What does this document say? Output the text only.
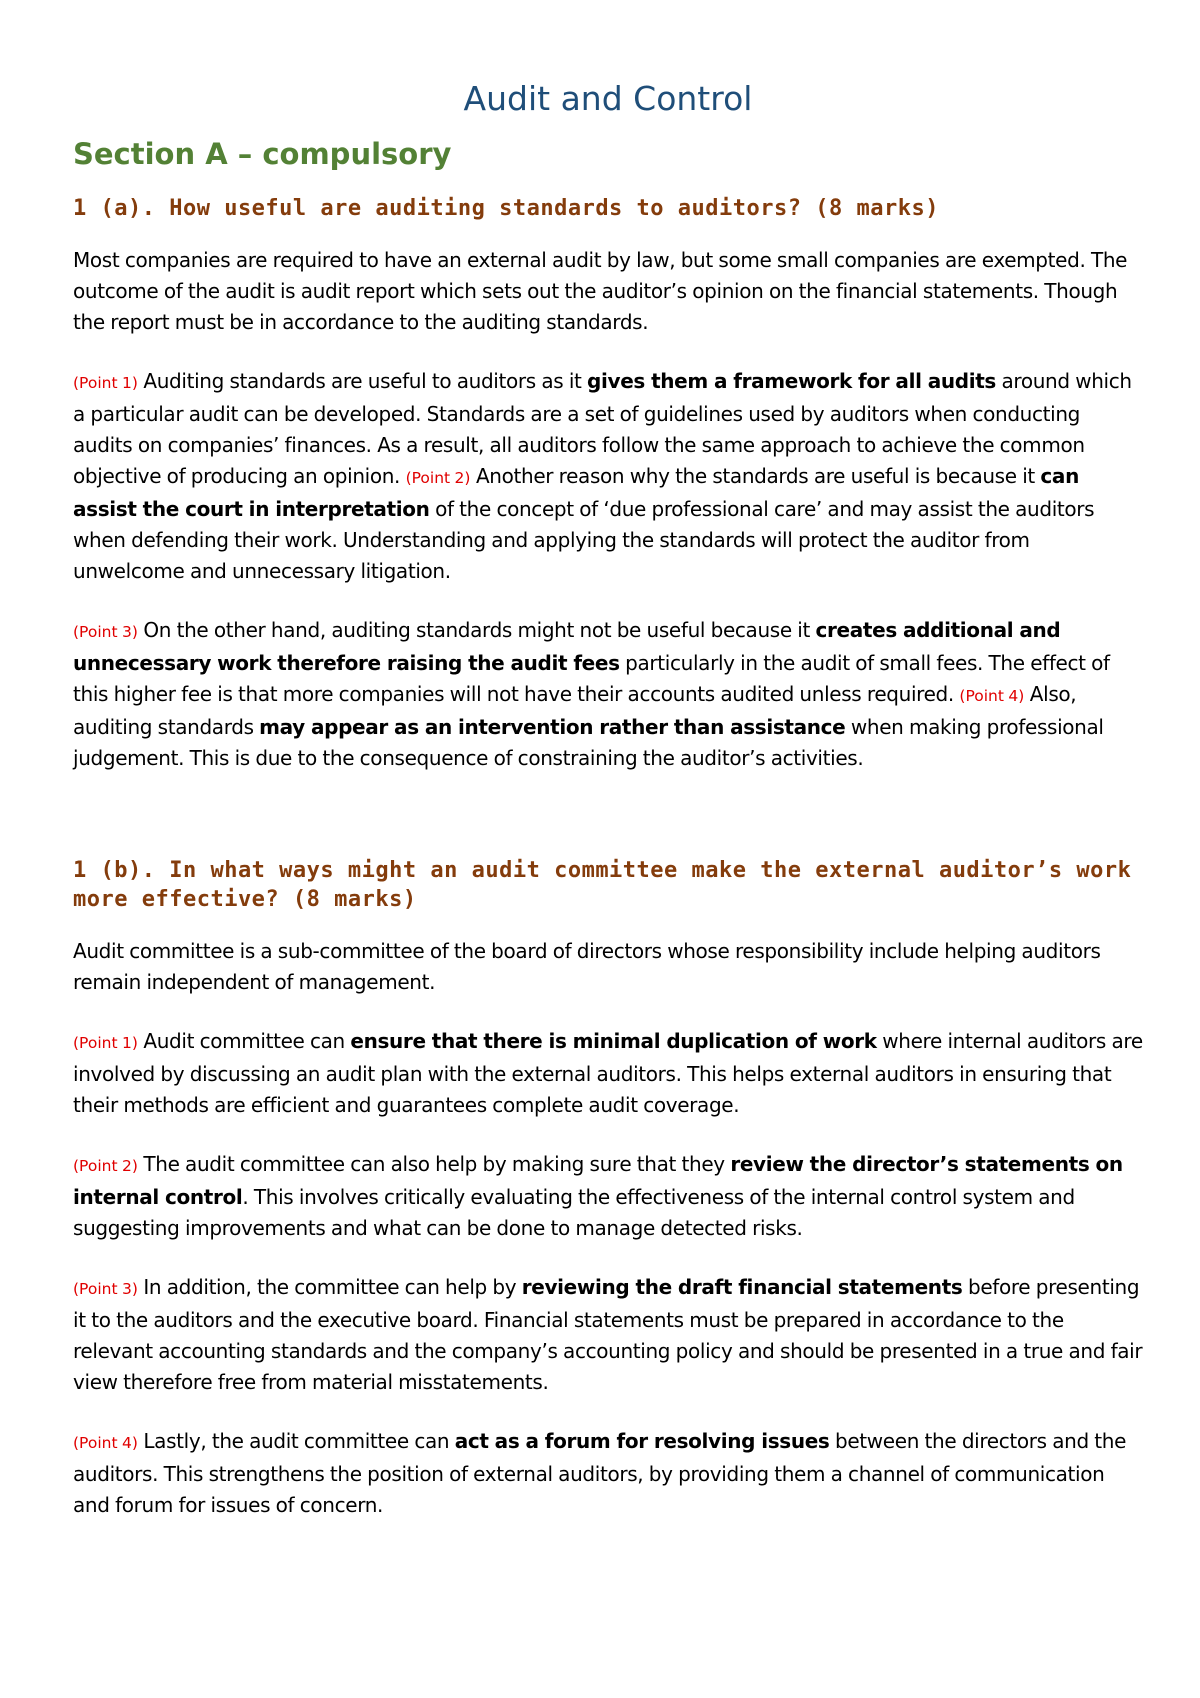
Audit and Control
Section A – compulsory
1 (a). How useful are auditing standards to auditors? (8 marks)

Most companies are required to have an external audit by law, but some small companies are exempted. The outcome of the audit is audit report which sets out the auditor’s opinion on the financial statements. Though the report must be in accordance to the auditing standards.

(Point 1) Auditing standards are useful to auditors as it gives them a framework for all audits around which a particular audit can be developed. Standards are a set of guidelines used by auditors when conducting audits on companies’ finances. As a result, all auditors follow the same approach to achieve the common objective of producing an opinion. (Point 2) Another reason why the standards are useful is because it can assist the court in interpretation of the concept of ‘due professional care’ and may assist the auditors when defending their work. Understanding and applying the standards will protect the auditor from unwelcome and unnecessary litigation.

(Point 3) On the other hand, auditing standards might not be useful because it creates additional and unnecessary work therefore raising the audit fees particularly in the audit of small fees. The effect of this higher fee is that more companies will not have their accounts audited unless required. (Point 4) Also, auditing standards may appear as an intervention rather than assistance when making professional judgement. This is due to the consequence of constraining the auditor’s activities.

1 (b). In what ways might an audit committee make the external auditor’s work more effective? (8 marks)

Audit committee is a sub-committee of the board of directors whose responsibility include helping auditors remain independent of management.

(Point 1) Audit committee can ensure that there is minimal duplication of work where internal auditors are involved by discussing an audit plan with the external auditors. This helps external auditors in ensuring that their methods are efficient and guarantees complete audit coverage.

(Point 2) The audit committee can also help by making sure that they review the director’s statements on internal control. This involves critically evaluating the effectiveness of the internal control system and suggesting improvements and what can be done to manage detected risks.

(Point 3) In addition, the committee can help by reviewing the draft financial statements before presenting it to the auditors and the executive board. Financial statements must be prepared in accordance to the relevant accounting standards and the company’s accounting policy and should be presented in a true and fair view therefore free from material misstatements.

(Point 4) Lastly, the audit committee can act as a forum for resolving issues between the directors and the auditors. This strengthens the position of external auditors, by providing them a channel of communication and forum for issues of concern.
